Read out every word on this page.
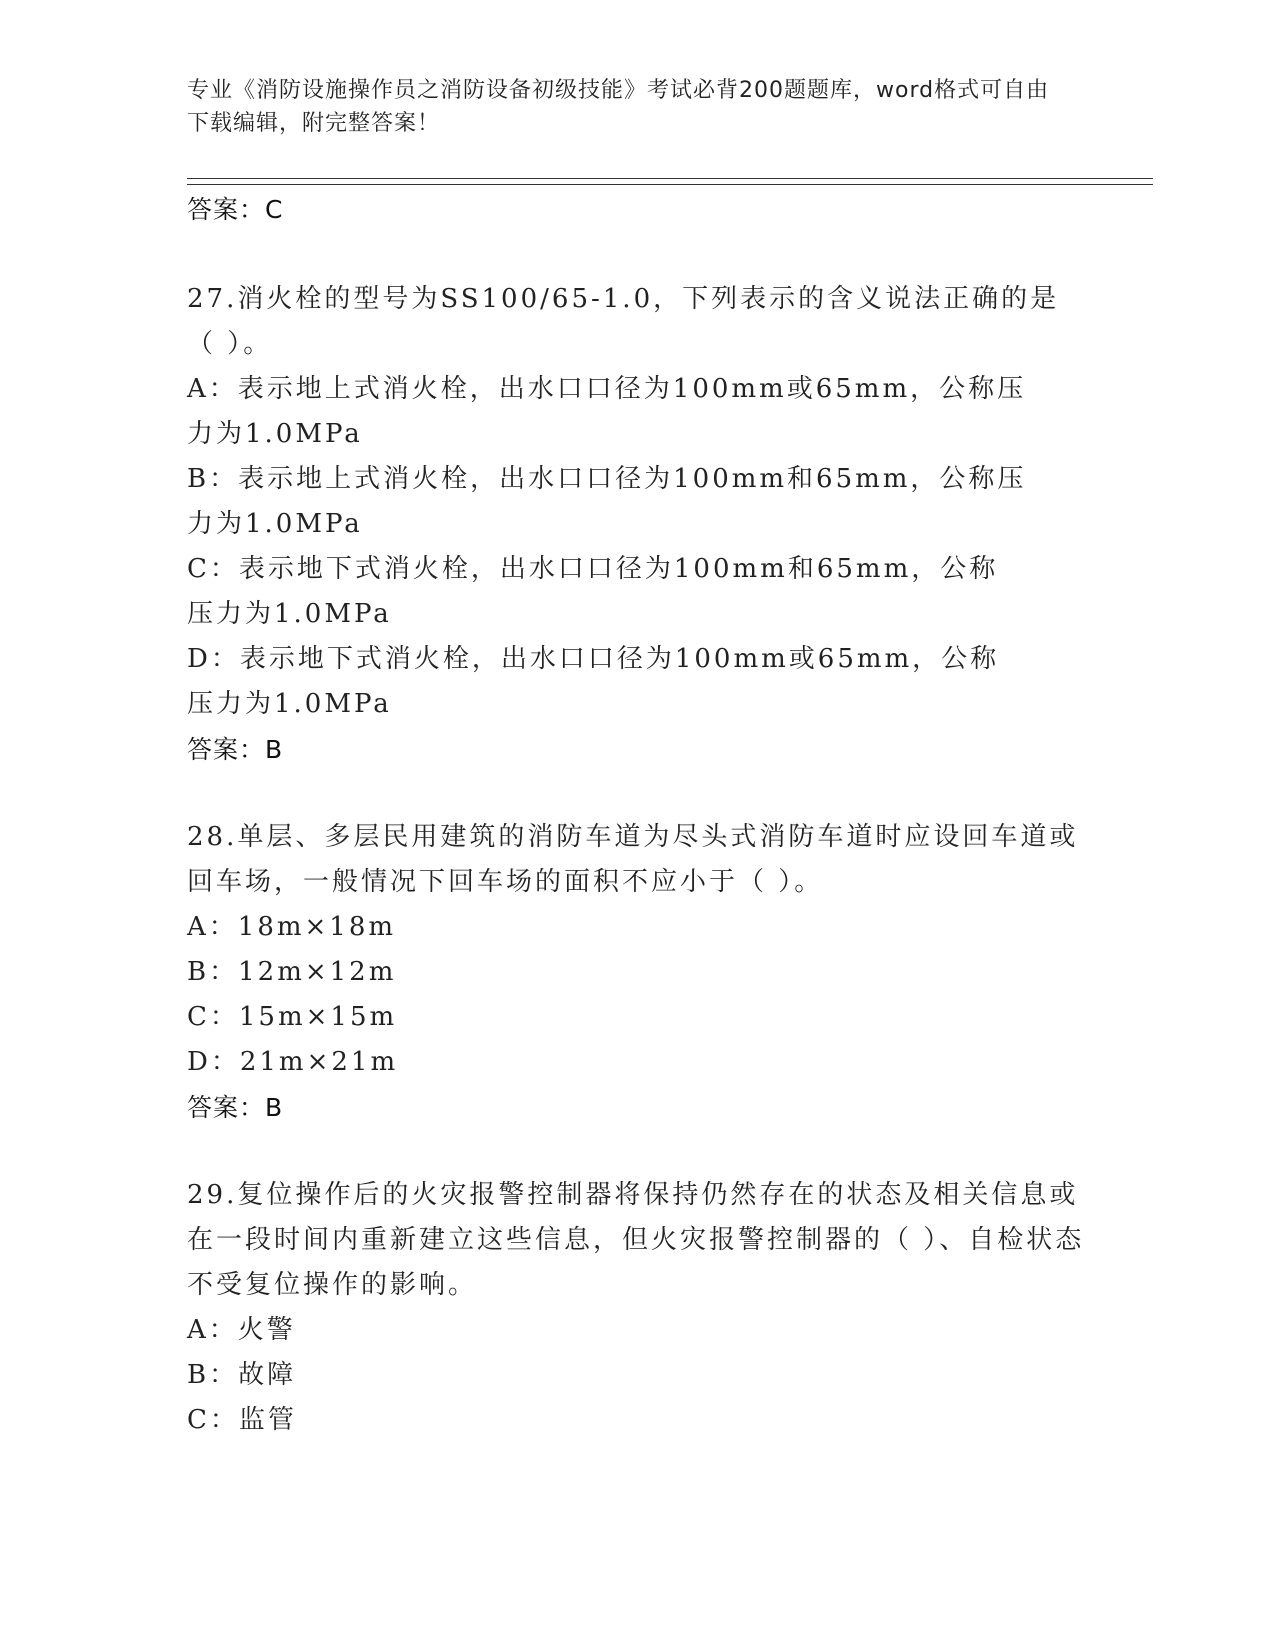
专业《消防设施操作员之消防设备初级技能》考试必背200题题库，word格式可自由下载编辑，附完整答案！
答案：C
27.消火栓的型号为SS100/65-1.0，下列表示的含义说法正确的是（ ）。
A：表示地上式消火栓，出水口口径为100mm或65mm，公称压力为1.0MPa
B：表示地上式消火栓，出水口口径为100mm和65mm，公称压力为1.0MPa
C：表示地下式消火栓，出水口口径为100mm和65mm，公称压力为1.0MPa
D：表示地下式消火栓，出水口口径为100mm或65mm，公称压力为1.0MPa
答案：B
28.单层、多层民用建筑的消防车道为尽头式消防车道时应设回车道或回车场，一般情况下回车场的面积不应小于（ ）。
A：18m×18m
B：12m×12m
C：15m×15m
D：21m×21m
答案：B
29.复位操作后的火灾报警控制器将保持仍然存在的状态及相关信息或在一段时间内重新建立这些信息，但火灾报警控制器的（ ）、自检状态不受复位操作的影响。
A：火警
B：故障
C：监管
